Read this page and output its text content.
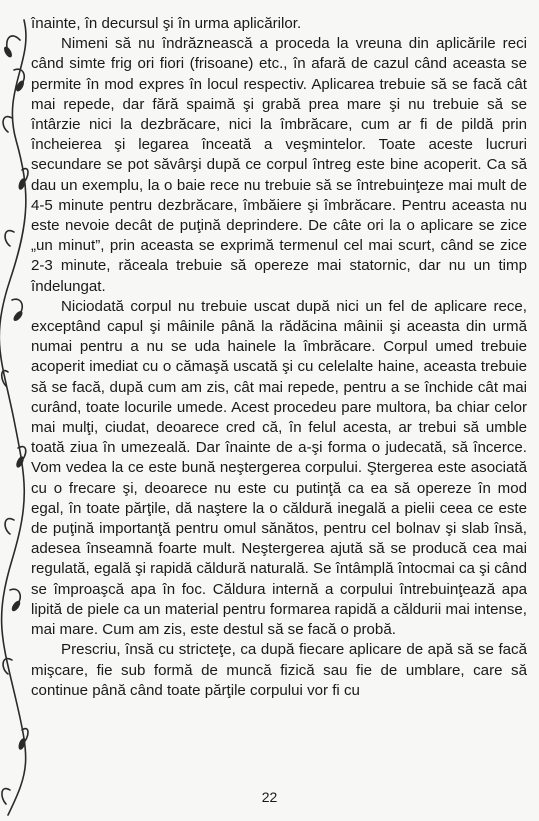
înainte, în decursul şi în urma aplicărilor.

Nimeni să nu îndrăznească a proceda la vreuna din aplicările reci când simte frig ori fiori (frisoane) etc., în afară de cazul când aceasta se permite în mod expres în locul respectiv. Aplicarea trebuie să se facă cât mai repede, dar fără spaimă şi grabă prea mare şi nu trebuie să se întârzie nici la dezbrăcare, nici la îmbrăcare, cum ar fi de pildă prin încheierea şi legarea înceată a veşmintelor. Toate aceste lucruri secundare se pot săvârşi după ce corpul întreg este bine acoperit. Ca să dau un exemplu, la o baie rece nu trebuie să se întrebuinţeze mai mult de 4-5 minute pentru dezbrăcare, îmbăiere şi îmbrăcare. Pentru aceasta nu este nevoie decât de puţină deprindere. De câte ori la o aplicare se zice „un minut”, prin aceasta se exprimă termenul cel mai scurt, când se zice 2-3 minute, răceala trebuie să opereze mai statornic, dar nu un timp îndelungat.

Niciodată corpul nu trebuie uscat după nici un fel de aplicare rece, exceptând capul şi mâinile până la rădăcina mâinii şi aceasta din urmă numai pentru a nu se uda hainele la îmbrăcare. Corpul umed trebuie acoperit imediat cu o cămaşă uscată şi cu celelalte haine, aceasta trebuie să se facă, după cum am zis, cât mai repede, pentru a se închide cât mai curând, toate locurile umede. Acest procedeu pare multora, ba chiar celor mai mulţi, ciudat, deoarece cred că, în felul acesta, ar trebui să umble toată ziua în umezeală. Dar înainte de a-şi forma o judecată, să încerce. Vom vedea la ce este bună neştergerea corpului. Ştergerea este asociată cu o frecare şi, deoarece nu este cu putinţă ca ea să opereze în mod egal, în toate părţile, dă naştere la o căldură inegală a pielii ceea ce este de puţină importanţă pentru omul sănătos, pentru cel bolnav şi slab însă, adesea înseamnă foarte mult. Neştergerea ajută să se producă cea mai regulată, egală şi rapidă căldură naturală. Se întâmplă întocmai ca şi când se împroaşcă apa în foc. Căldura internă a corpului întrebuinţează apa lipită de piele ca un material pentru formarea rapidă a căldurii mai intense, mai mare. Cum am zis, este destul să se facă o probă.

Prescriu, însă cu stricteţe, ca după fiecare aplicare de apă să se facă mişcare, fie sub formă de muncă fizică sau fie de umblare, care să continue până când toate părţile corpului vor fi cu

22
